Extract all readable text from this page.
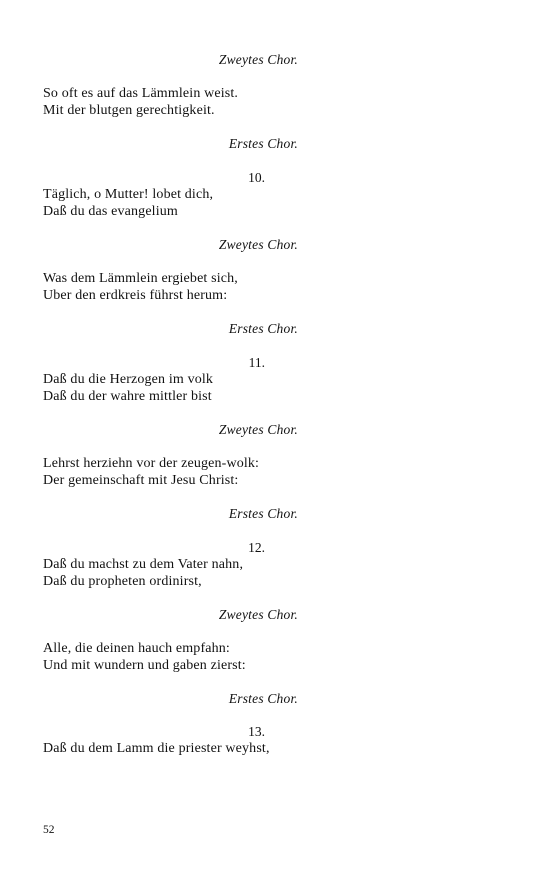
Zweytes Chor.
So oft es auf das Lämmlein weist.
Mit der blutgen gerechtigkeit.
Erstes Chor.
10.
Täglich, o Mutter! lobet dich,
Daß du das evangelium
Zweytes Chor.
Was dem Lämmlein ergiebet sich,
Uber den erdkreis führst herum:
Erstes Chor.
11.
Daß du die Herzogen im volk
Daß du der wahre mittler bist
Zweytes Chor.
Lehrst herziehn vor der zeugen-wolk:
Der gemeinschaft mit Jesu Christ:
Erstes Chor.
12.
Daß du machst zu dem Vater nahn,
Daß du propheten ordinirst,
Zweytes Chor.
Alle, die deinen hauch empfahn:
Und mit wundern und gaben zierst:
Erstes Chor.
13.
Daß du dem Lamm die priester weyhst,
52
